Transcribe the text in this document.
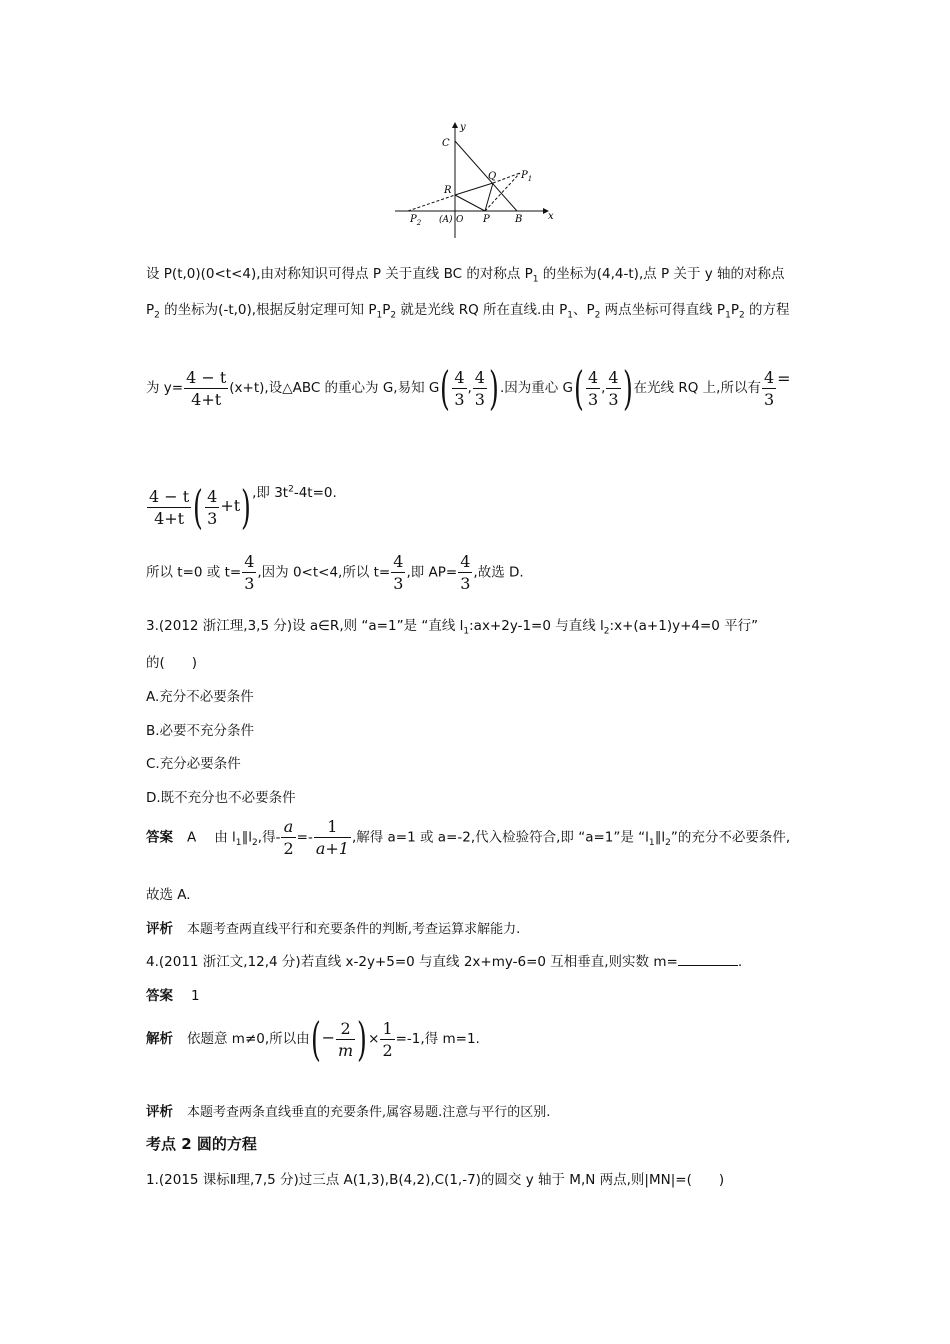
y
x
C
Q $P_1$
R
$P_2$ (A) O P	B
设 P(t,0)(0<t<4),由对称知识可得点 P 关于直线 BC 的对称点 $P_1$ 的坐标为(4,4-t),点 P 关于 y 轴的对称点
$P_2$ 的坐标为(-t,0),根据反射定理可知 $P_1P_2$ 就是光线 RQ 所在直线.由 $P_1$、$P_2$ 两点坐标可得直线 $P_1P_2$ 的方程
为 $y= \frac{4 - t}{4+t} (x+t)$,设△ABC 的重心为 G,易知 $G( \frac{4}{3}$ , $\frac{4}{3}$ ).因为重心 $G( \frac{4}{3}$ , $\frac{4}{3}$ )在光线 RQ 上,所以有 $\frac{4}{3}$ =
$\frac{4 - t}{4+t}$ ( $\frac{4}{3} +t$),即 $3t^2-4t=0$.
所以 t=0 或 $t= \frac{4}{3}$ ,因为 0<t<4,所以 $t= \frac{4}{3}$ ,即 $AP= \frac{4}{3}$ ,故选 D.
3.(2012 浙江理,3,5 分)设 a∈R,则 “a=1”是 “直线 $l_1:ax+2y-1=0$ 与直线 $l_2:x+(a+1)y+4=0$ 平行”
的(　　)
A.充分不必要条件
B.必要不充分条件
C.充分必要条件
D.既不充分也不必要条件
答案 A 由 $l_1\parallel l_2$,得- $\frac{a}{2} =- \frac{1}{a+1}$ ,解得 a=1 或 a=-2,代入检验符合,即 “a=1”是 “$l_1\parallel l_2$”的充分不必要条件,
故选 A.
评析 本题考查两直线平行和充要条件的判断,考查运算求解能力.
4.(2011 浙江文,12,4 分)若直线 x-2y+5=0 与直线 2x+my-6=0 互相垂直,则实数 m=	.
答案 1
解析 依题意 m≠0,所以由(− $\frac{2}{m}$ )× $\frac{1}{2} =-1$,得 m=1.
评析 本题考查两条直线垂直的充要条件,属容易题.注意与平行的区别.
考点 2 圆的方程
1.(2015 课标Ⅱ理,7,5 分)过三点 A(1,3),B(4,2),C(1,-7)的圆交 y 轴于 M,N 两点,则|MN|=(　　)
